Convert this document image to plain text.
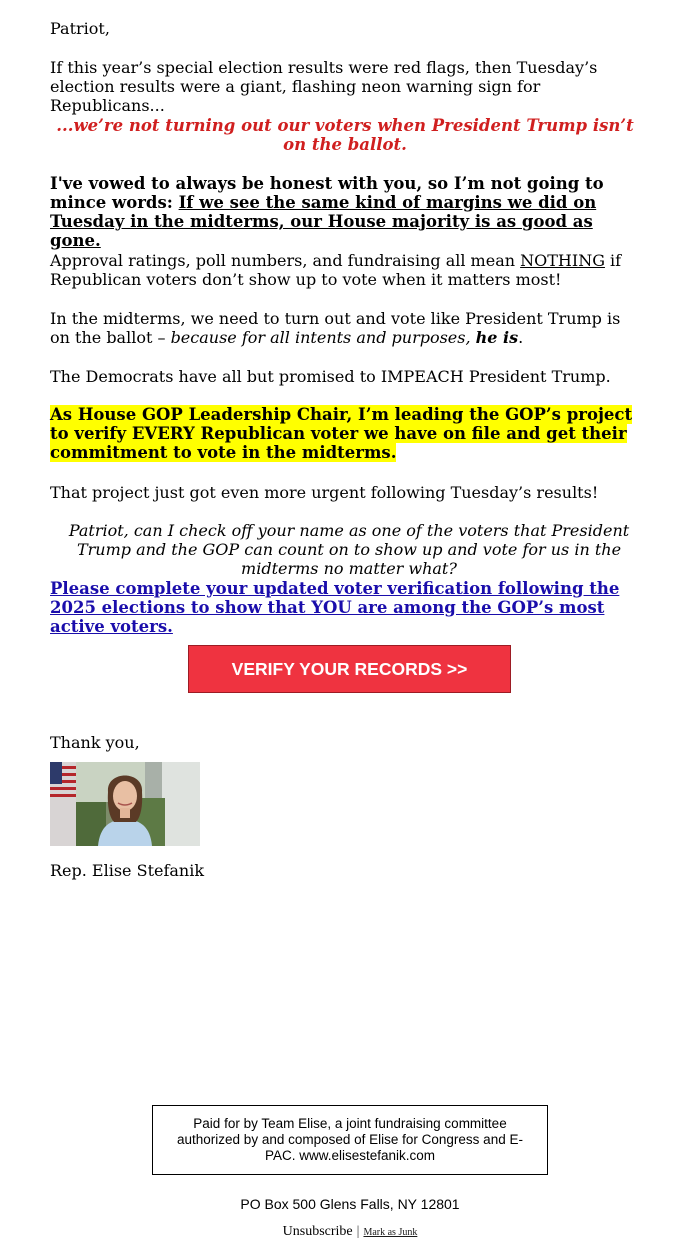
Patriot,

If this year’s special election results were red flags, then Tuesday’s election results were a giant, flashing neon warning sign for Republicans...

...we’re not turning out our voters when President Trump isn’t on the ballot.

I've vowed to always be honest with you, so I’m not going to mince words: If we see the same kind of margins we did on Tuesday in the midterms, our House majority is as good as gone.

Approval ratings, poll numbers, and fundraising all mean NOTHING if Republican voters don’t show up to vote when it matters most!

In the midterms, we need to turn out and vote like President Trump is on the ballot – because for all intents and purposes, he is.

The Democrats have all but promised to IMPEACH President Trump.

As House GOP Leadership Chair, I’m leading the GOP’s project to verify EVERY Republican voter we have on file and get their commitment to vote in the midterms.

That project just got even more urgent following Tuesday’s results!

Patriot, can I check off your name as one of the voters that President Trump and the GOP can count on to show up and vote for us in the midterms no matter what?

Please complete your updated voter verification following the 2025 elections to show that YOU are among the GOP’s most active voters.

VERIFY YOUR RECORDS >>

Thank you,

Rep. Elise Stefanik

Paid for by Team Elise, a joint fundraising committee authorized by and composed of Elise for Congress and E-PAC. www.elisestefanik.com
PO Box 500 Glens Falls, NY 12801
Unsubscribe | Mark as Junk
